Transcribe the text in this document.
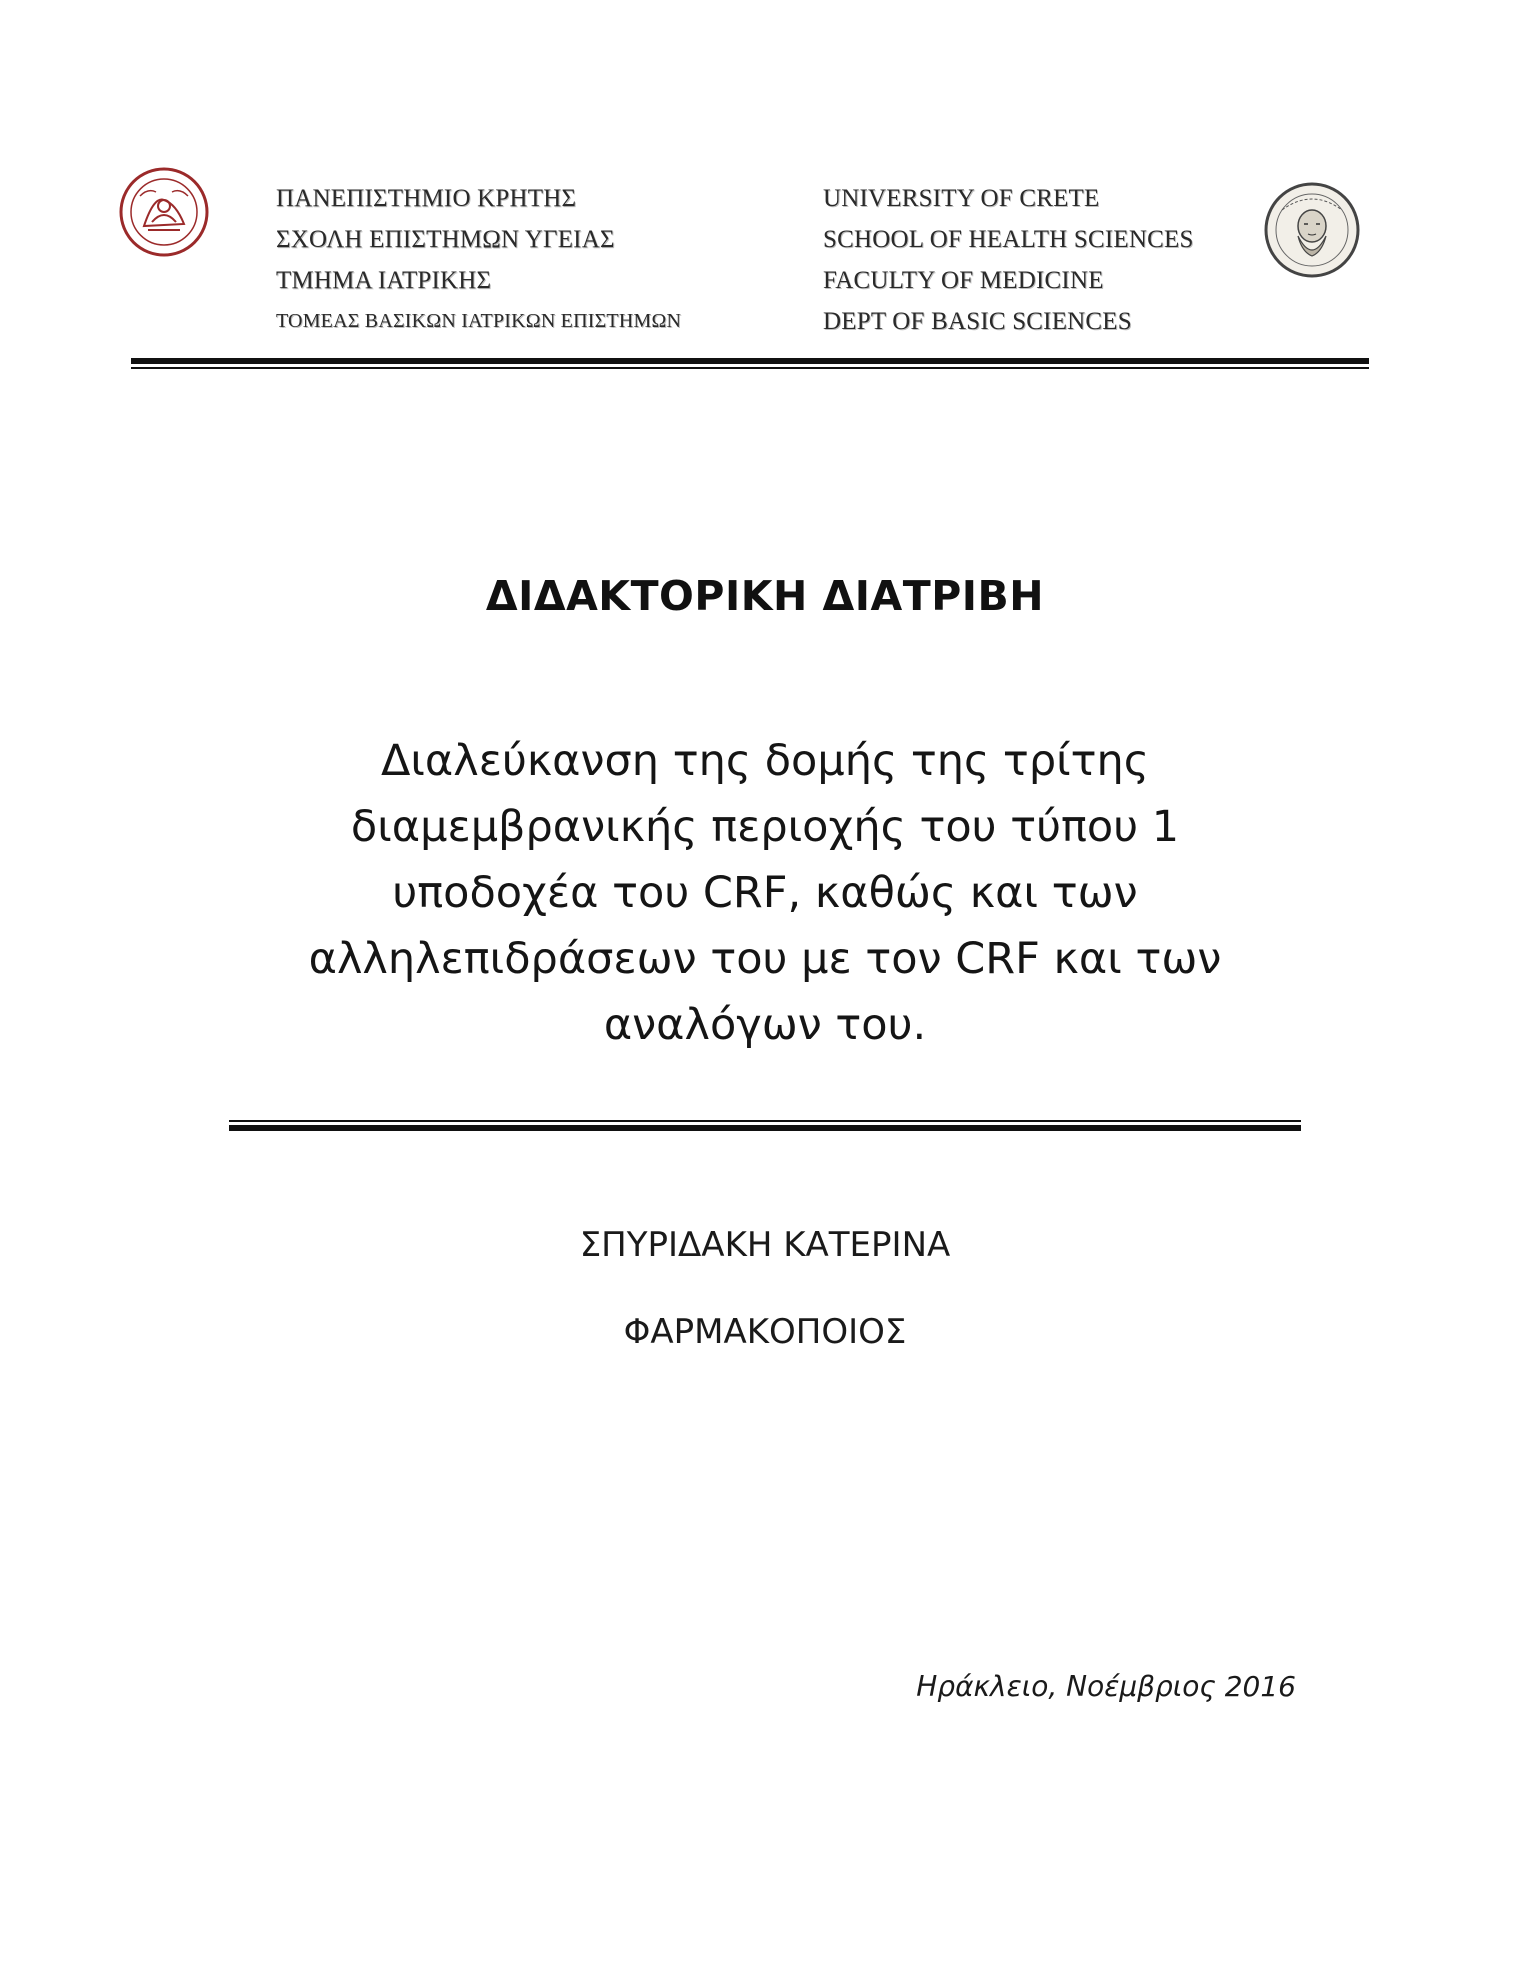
ΠΑΝΕΠΙΣΤΗΜΙΟ ΚΡΗΤΗΣ
ΣΧΟΛΗ ΕΠΙΣΤΗΜΩΝ ΥΓΕΙΑΣ
ΤΜΗΜΑ ΙΑΤΡΙΚΗΣ
ΤΟΜΕΑΣ ΒΑΣΙΚΩΝ ΙΑΤΡΙΚΩΝ ΕΠΙΣΤΗΜΩΝ
UNIVERSITY OF CRETE
SCHOOL OF HEALTH SCIENCES
FACULTY OF MEDICINE
DEPT OF BASIC SCIENCES
ΔΙΔΑΚΤΟΡΙΚΗ ΔΙΑΤΡΙΒΗ
Διαλεύκανση της δομής της τρίτης
διαμεμβρανικής περιοχής του τύπου 1
υποδοχέα του CRF, καθώς και των
αλληλεπιδράσεων του με τον CRF και των
αναλόγων του.
ΣΠΥΡΙΔΑΚΗ ΚΑΤΕΡΙΝΑ
ΦΑΡΜΑΚΟΠΟΙΟΣ
Ηράκλειο, Νοέμβριος 2016
